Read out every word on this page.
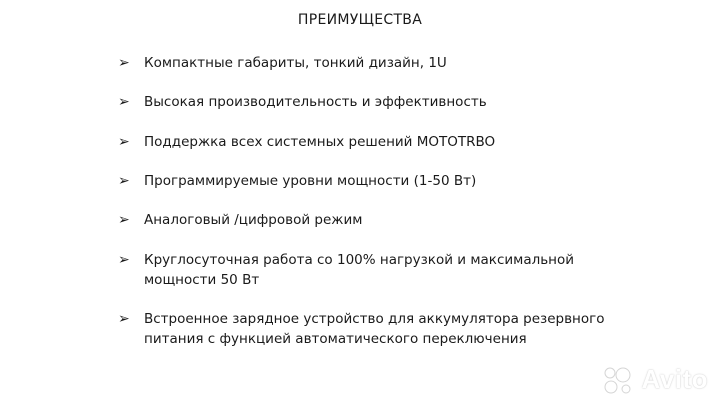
ПРЕИМУЩЕСТВА
➢	Компактные габариты, тонкий дизайн, 1U
➢	Высокая производительность и эффективность
➢	Поддержка всех системных решений MOTOTRBO
➢	Программируемые уровни мощности (1-50 Вт)
➢	Аналоговый /цифровой режим
➢	Круглосуточная работа со 100% нагрузкой и максимальной
мощности 50 Вт
➢	Встроенное зарядное устройство для аккумулятора резервного
питания с функцией автоматического переключения
Avito
